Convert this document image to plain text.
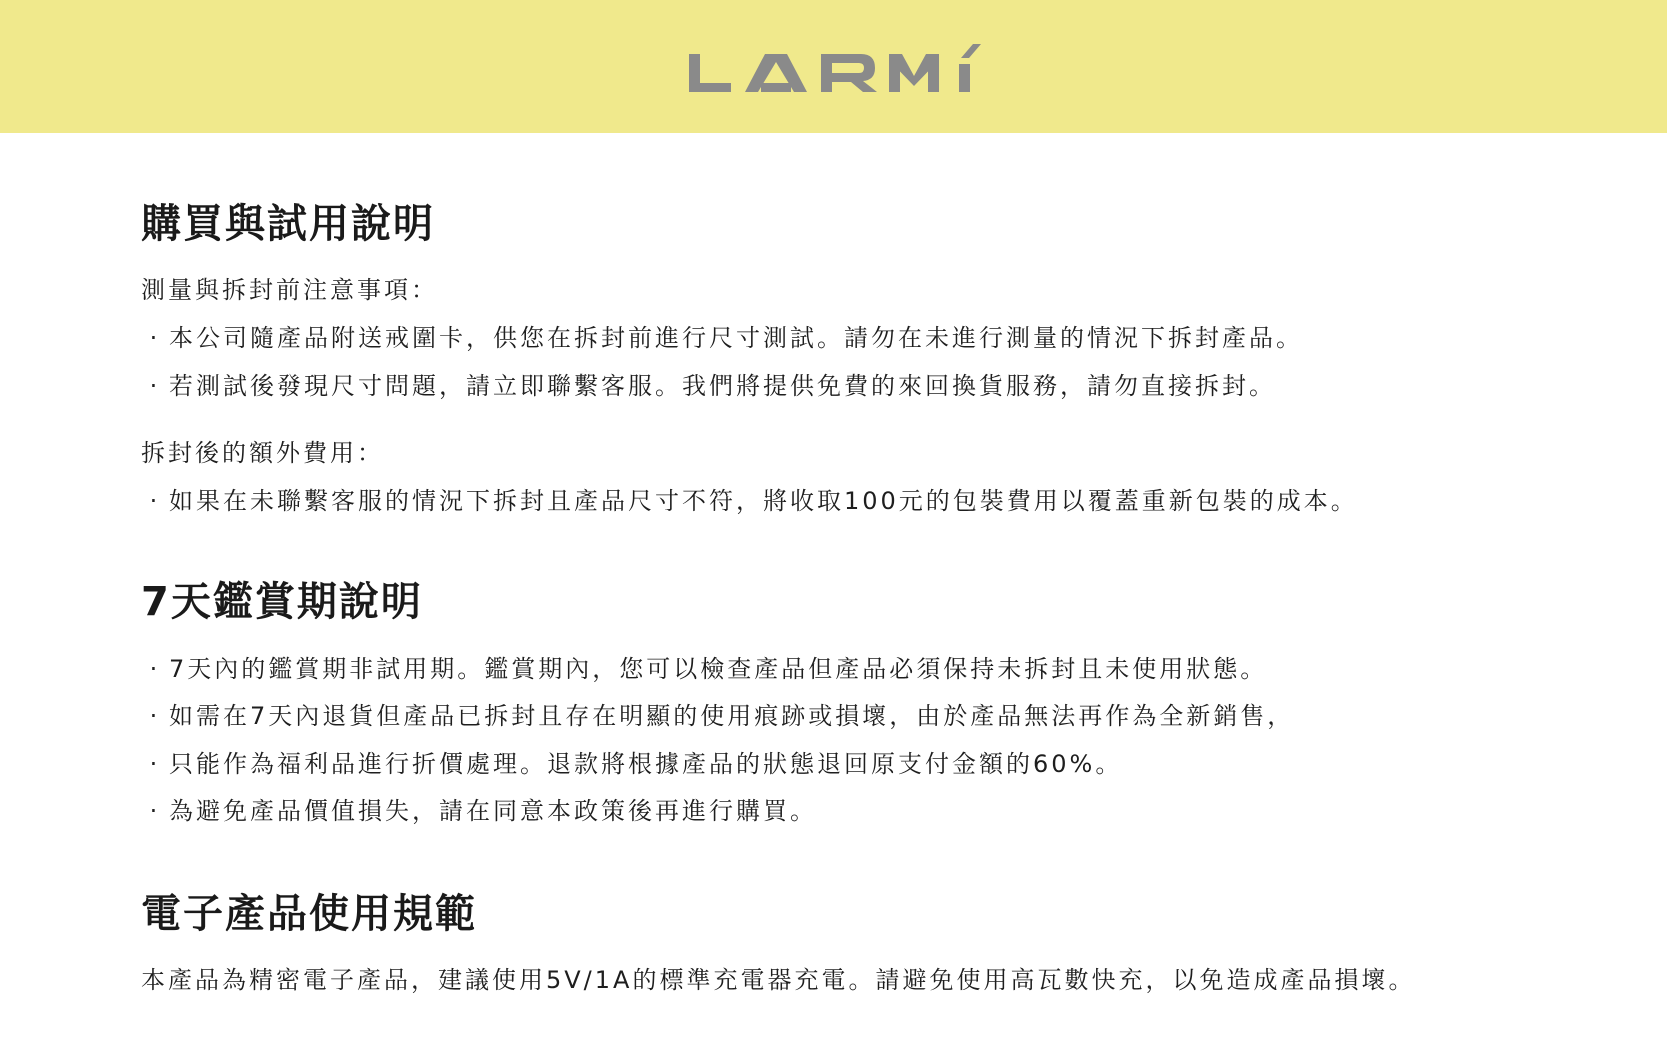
購買與試用說明
測量與拆封前注意事項：
· 本公司隨產品附送戒圍卡，供您在拆封前進行尺寸測試。請勿在未進行測量的情況下拆封產品。
· 若測試後發現尺寸問題，請立即聯繫客服。我們將提供免費的來回換貨服務，請勿直接拆封。
拆封後的額外費用：
· 如果在未聯繫客服的情況下拆封且產品尺寸不符，將收取100元的包裝費用以覆蓋重新包裝的成本。
7天鑑賞期說明
· 7天內的鑑賞期非試用期。鑑賞期內，您可以檢查產品但產品必須保持未拆封且未使用狀態。
· 如需在7天內退貨但產品已拆封且存在明顯的使用痕跡或損壞，由於產品無法再作為全新銷售，
· 只能作為福利品進行折價處理。退款將根據產品的狀態退回原支付金額的60%。
· 為避免產品價值損失，請在同意本政策後再進行購買。
電子產品使用規範
本產品為精密電子產品，建議使用5V/1A的標準充電器充電。請避免使用高瓦數快充，以免造成產品損壞。
